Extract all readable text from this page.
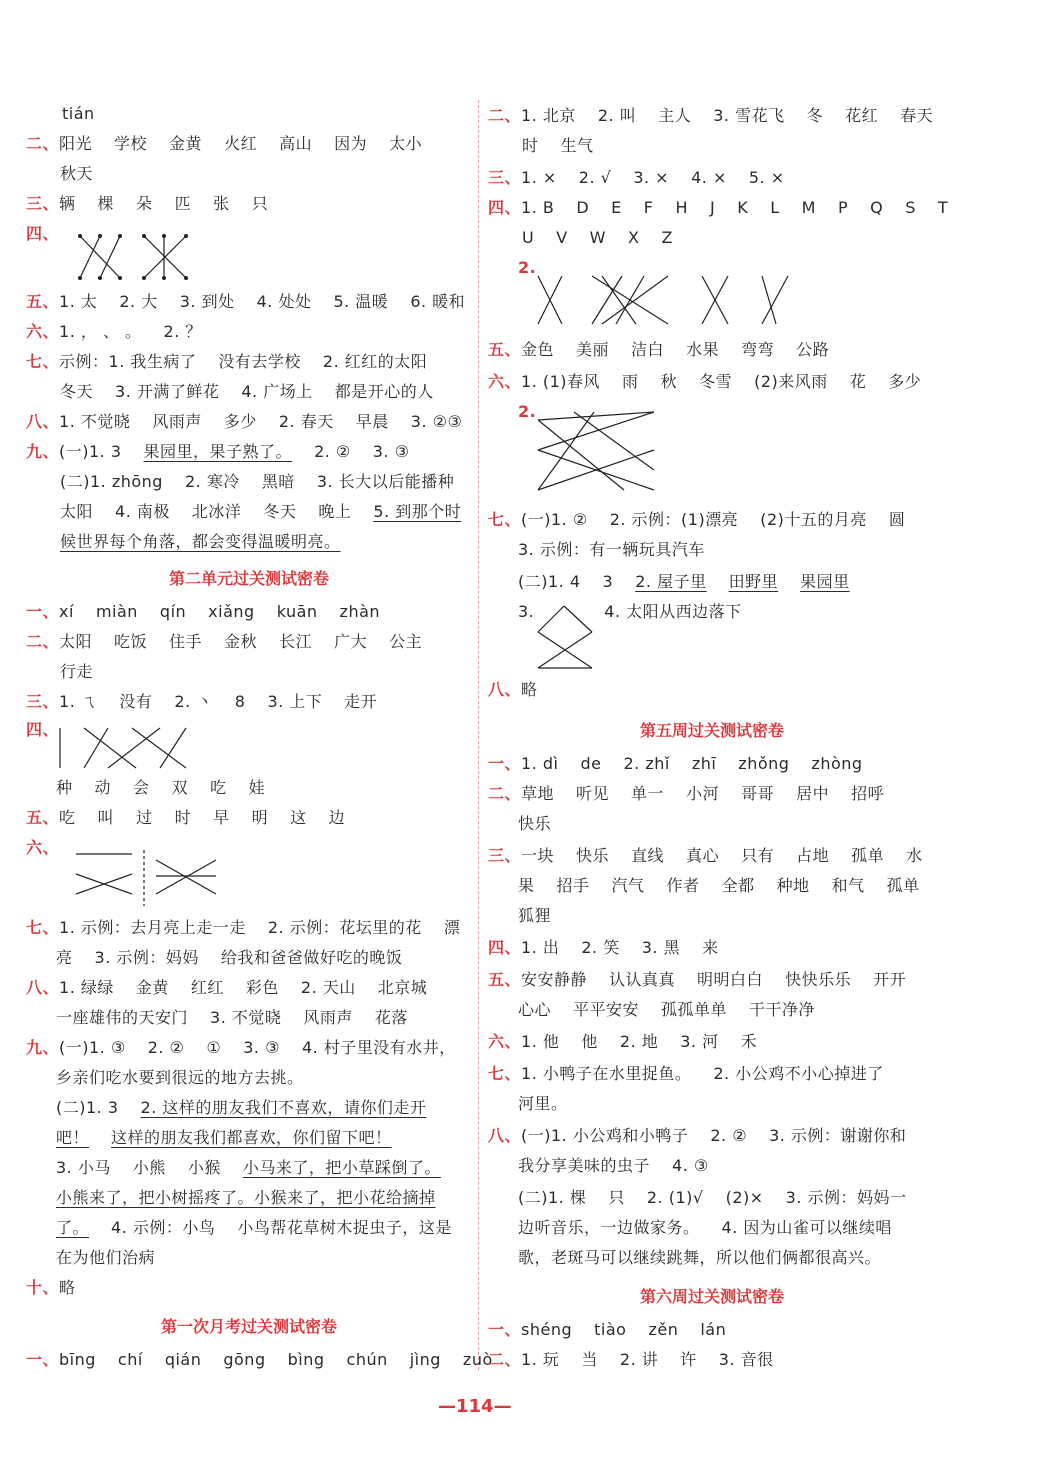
tián
二、阳光 学校 金黄 火红 高山 因为 太小
秋天
三、辆 棵 朵 匹 张 只
四、
五、1. 太 2. 大 3. 到处 4. 处处 5. 温暖 6. 暖和
六、1. ， 、 。 2. ？
七、示例：1. 我生病了 没有去学校 2. 红红的太阳
冬天 3. 开满了鲜花 4. 广场上 都是开心的人
八、1. 不觉晓 风雨声 多少 2. 春天 早晨 3. ②③
九、(一)1. 3 果园里，果子熟了。 2. ② 3. ③
(二)1. zhōng 2. 寒冷 黑暗 3. 长大以后能播种
太阳 4. 南极 北冰洋 冬天 晚上 5. 到那个时
候世界每个角落，都会变得温暖明亮。
第二单元过关测试密卷
一、xí miàn qín xiǎng kuān zhàn
二、太阳 吃饭 住手 金秋 长江 广大 公主
行走
三、1. ㄟ 没有 2. 丶 8 3. 上下 走开
四、
种 动 会 双 吃 娃
五、吃 叫 过 时 早 明 这 边
六、
七、1. 示例：去月亮上走一走 2. 示例：花坛里的花 漂
亮 3. 示例：妈妈 给我和爸爸做好吃的晚饭
八、1. 绿绿 金黄 红红 彩色 2. 天山 北京城
一座雄伟的天安门 3. 不觉晓 风雨声 花落
九、(一)1. ③ 2. ② ① 3. ③ 4. 村子里没有水井，
乡亲们吃水要到很远的地方去挑。
(二)1. 3 2. 这样的朋友我们不喜欢，请你们走开
吧！ 这样的朋友我们都喜欢，你们留下吧！
3. 小马 小熊 小猴 小马来了，把小草踩倒了。
小熊来了，把小树摇疼了。小猴来了，把小花给摘掉
了。 4. 示例：小鸟 小鸟帮花草树木捉虫子，这是
在为他们治病
十、略
第一次月考过关测试密卷
一、bīng chí qián gōng bìng chún jìng zuò
二、1. 北京 2. 叫 主人 3. 雪花飞 冬 花红 春天
时 生气
三、1. × 2. √ 3. × 4. × 5. ×
四、1. B D E F H J K L M P Q S T
U V W X Z
2.
五、金色 美丽 洁白 水果 弯弯 公路
六、1. (1)春风 雨 秋 冬雪 (2)来风雨 花 多少
2.
七、(一)1. ② 2. 示例：(1)漂亮 (2)十五的月亮 圆
3. 示例：有一辆玩具汽车
(二)1. 4 3 2. 屋子里 田野里 果园里
3.	4. 太阳从西边落下
八、略
第五周过关测试密卷
一、1. dì de 2. zhǐ zhī zhǒng zhòng
二、草地 听见 单一 小河 哥哥 居中 招呼
快乐
三、一块 快乐 直线 真心 只有 占地 孤单 水
果 招手 汽气 作者 全都 种地 和气 孤单
狐狸
四、1. 出 2. 笑 3. 黑 来
五、安安静静 认认真真 明明白白 快快乐乐 开开
心心 平平安安 孤孤单单 干干净净
六、1. 他 他 2. 地 3. 河 禾
七、1. 小鸭子在水里捉鱼。 2. 小公鸡不小心掉进了
河里。
八、(一)1. 小公鸡和小鸭子 2. ② 3. 示例：谢谢你和
我分享美味的虫子 4. ③
(二)1. 棵 只 2. (1)√ (2)× 3. 示例：妈妈一
边听音乐，一边做家务。 4. 因为山雀可以继续唱
歌，老斑马可以继续跳舞，所以他们俩都很高兴。
第六周过关测试密卷
一、shéng tiào zěn lán
二、1. 玩 当 2. 讲 许 3. 音很
—114—
